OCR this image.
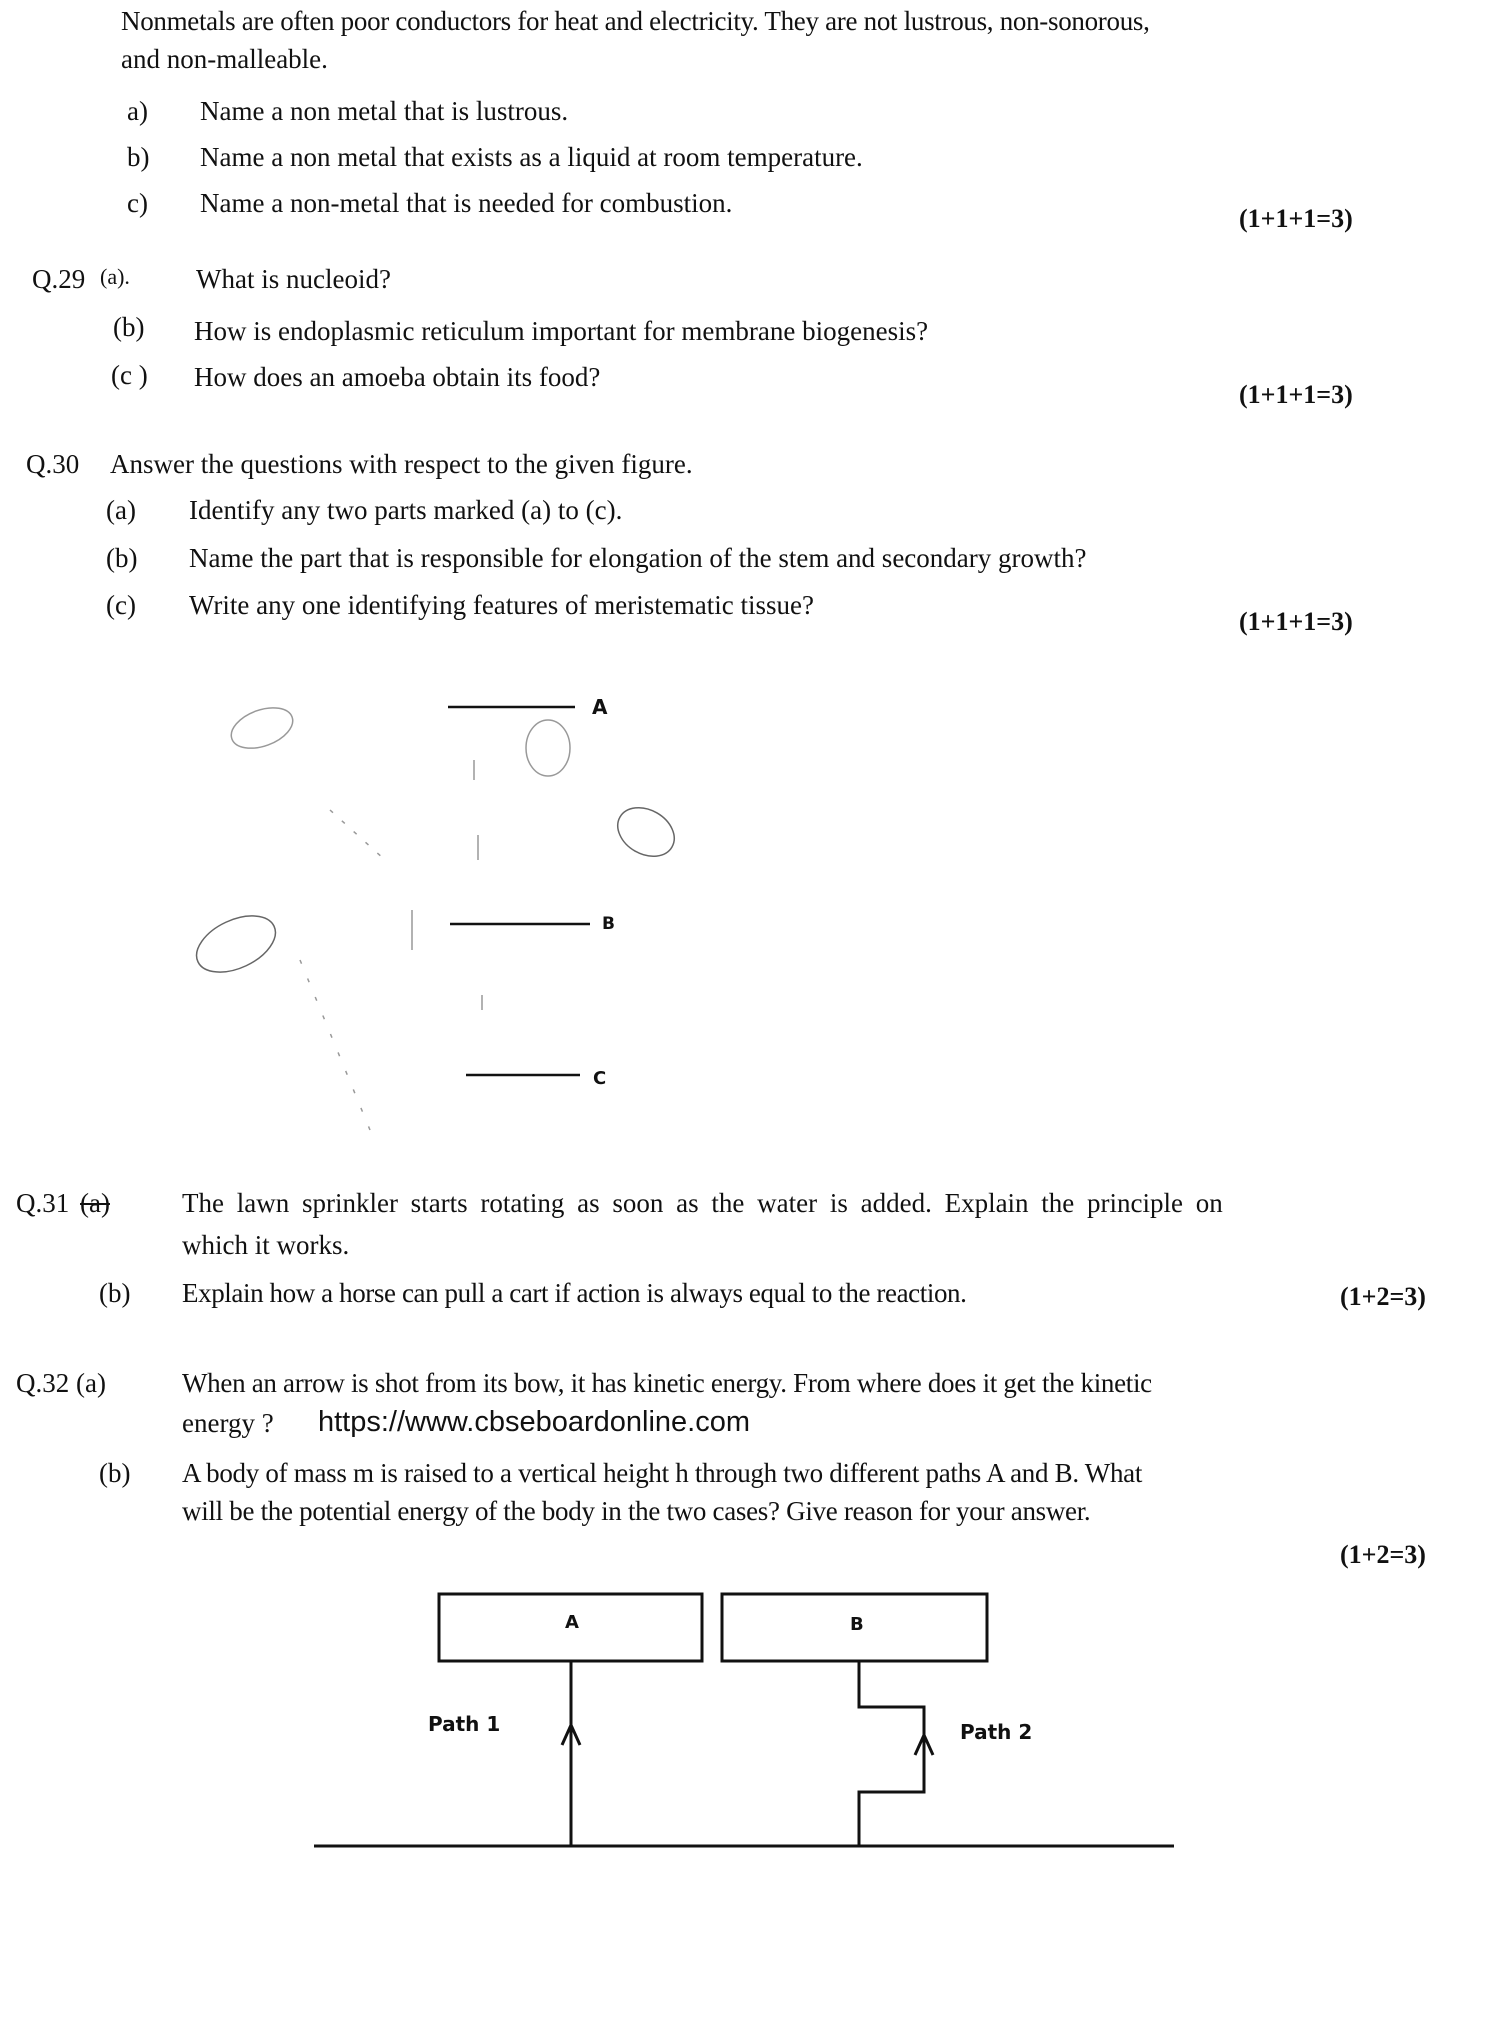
Nonmetals are often poor conductors for heat and electricity. They are not lustrous, non-sonorous,
and non-malleable.
a) Name a non metal that is lustrous.
b) Name a non metal that exists as a liquid at room temperature.
c) Name a non-metal that is needed for combustion.
(1+1+1=3)
Q.29 (a). What is nucleoid?
(b) How is endoplasmic reticulum important for membrane biogenesis?
(c ) How does an amoeba obtain its food?
(1+1+1=3)
Q.30 Answer the questions with respect to the given figure.
(a) Identify any two parts marked (a) to (c).
(b) Name the part that is responsible for elongation of the stem and secondary growth?
(c) Write any one identifying features of meristematic tissue?
(1+1+1=3)
A
B
C
Q.31 (a)	The lawn sprinkler starts rotating as soon as the water is added. Explain the principle on
which it works.
(b) Explain how a horse can pull a cart if action is always equal to the reaction.	(1+2=3)
Q.32 (a)	When an arrow is shot from its bow, it has kinetic energy. From where does it get the kinetic
energy ? https://www.cbseboardonline.com
(b) A body of mass m is raised to a vertical height h through two different paths A and B. What
will be the potential energy of the body in the two cases? Give reason for your answer.
(1+2=3)
A	B
Path 1	Path 2
